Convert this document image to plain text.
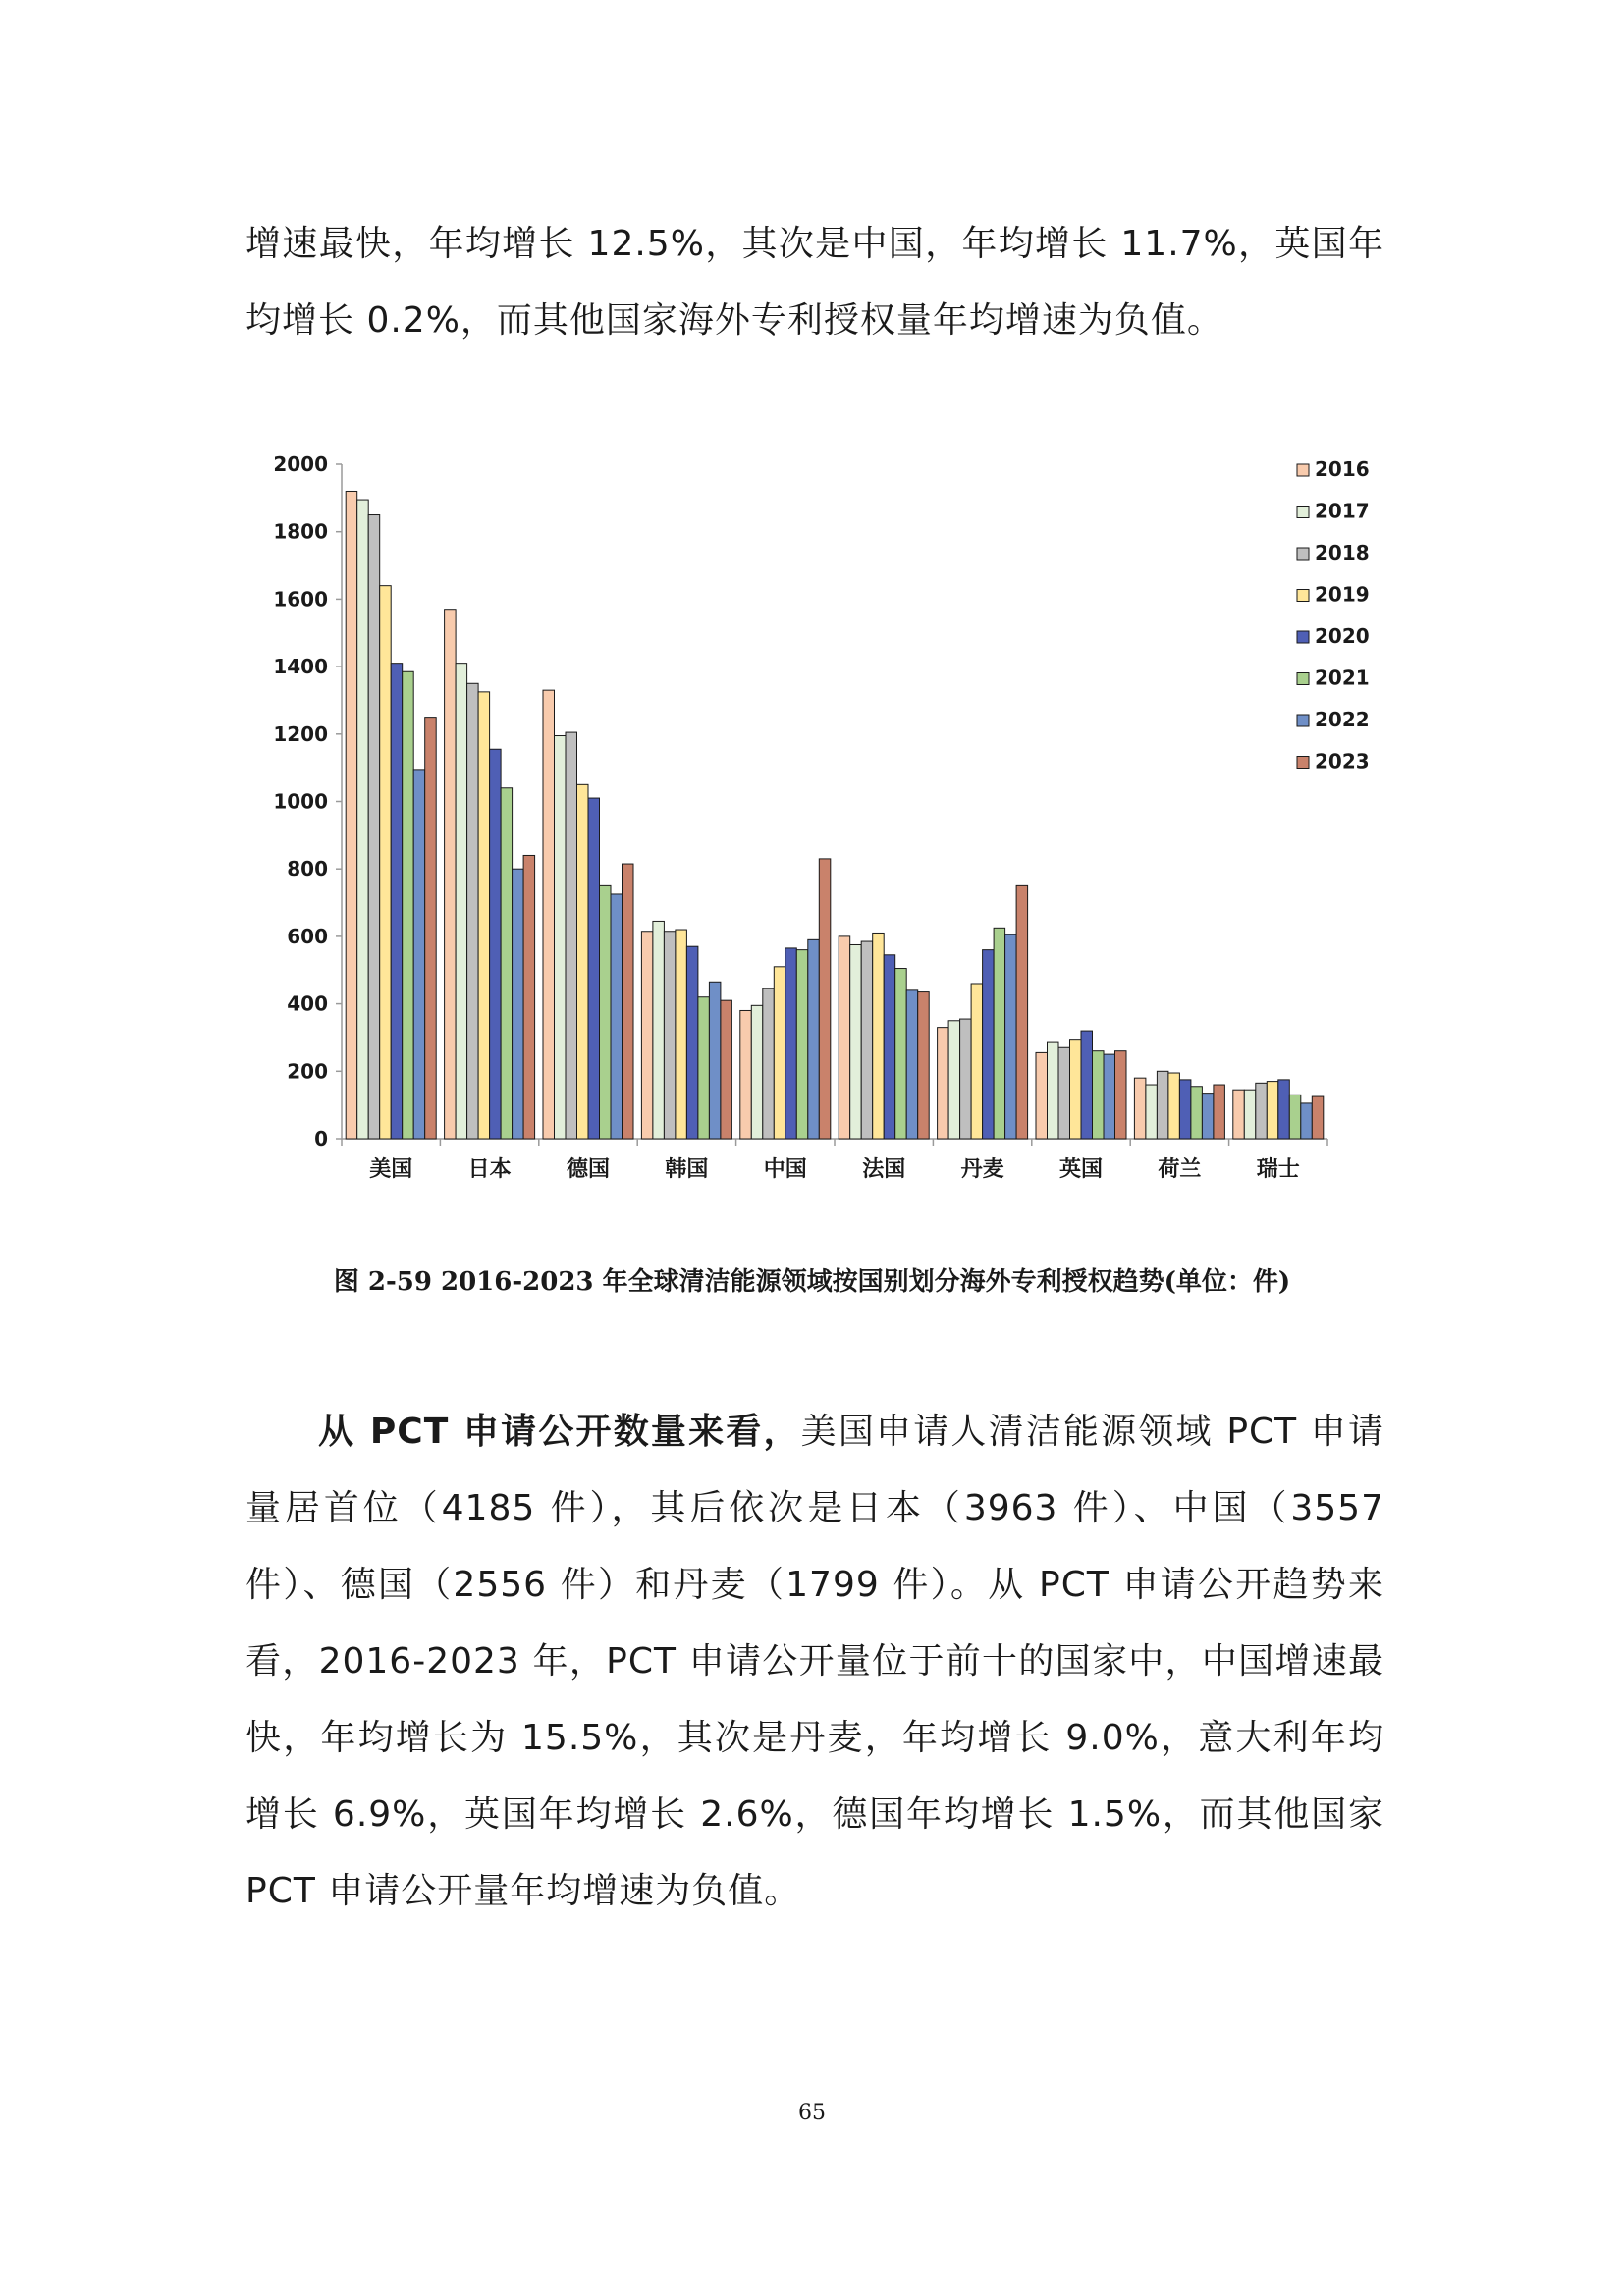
增速最快，年均增长 12.5%，其次是中国，年均增长 11.7%，英国年均增长 0.2%，而其他国家海外专利授权量年均增速为负值。

0
200
400
600
800
1000
1200
1400
1600
1800
2000
美国	日本	德国	韩国	中国	法国	丹麦	英国	荷兰	瑞士
2016
2017
2018
2019
2020
2021
2022
2023
图 2-59 2016-2023 年全球清洁能源领域按国别划分海外专利授权趋势(单位：件)

从 PCT 申请公开数量来看，美国申请人清洁能源领域 PCT 申请量居首位（4185 件），其后依次是日本（3963 件）、中国（3557 件）、德国（2556 件）和丹麦（1799 件）。从 PCT 申请公开趋势来看，2016-2023 年，PCT 申请公开量位于前十的国家中，中国增速最快，年均增长为 15.5%，其次是丹麦，年均增长 9.0%，意大利年均增长 6.9%，英国年均增长 2.6%，德国年均增长 1.5%，而其他国家 PCT 申请公开量年均增速为负值。

65
